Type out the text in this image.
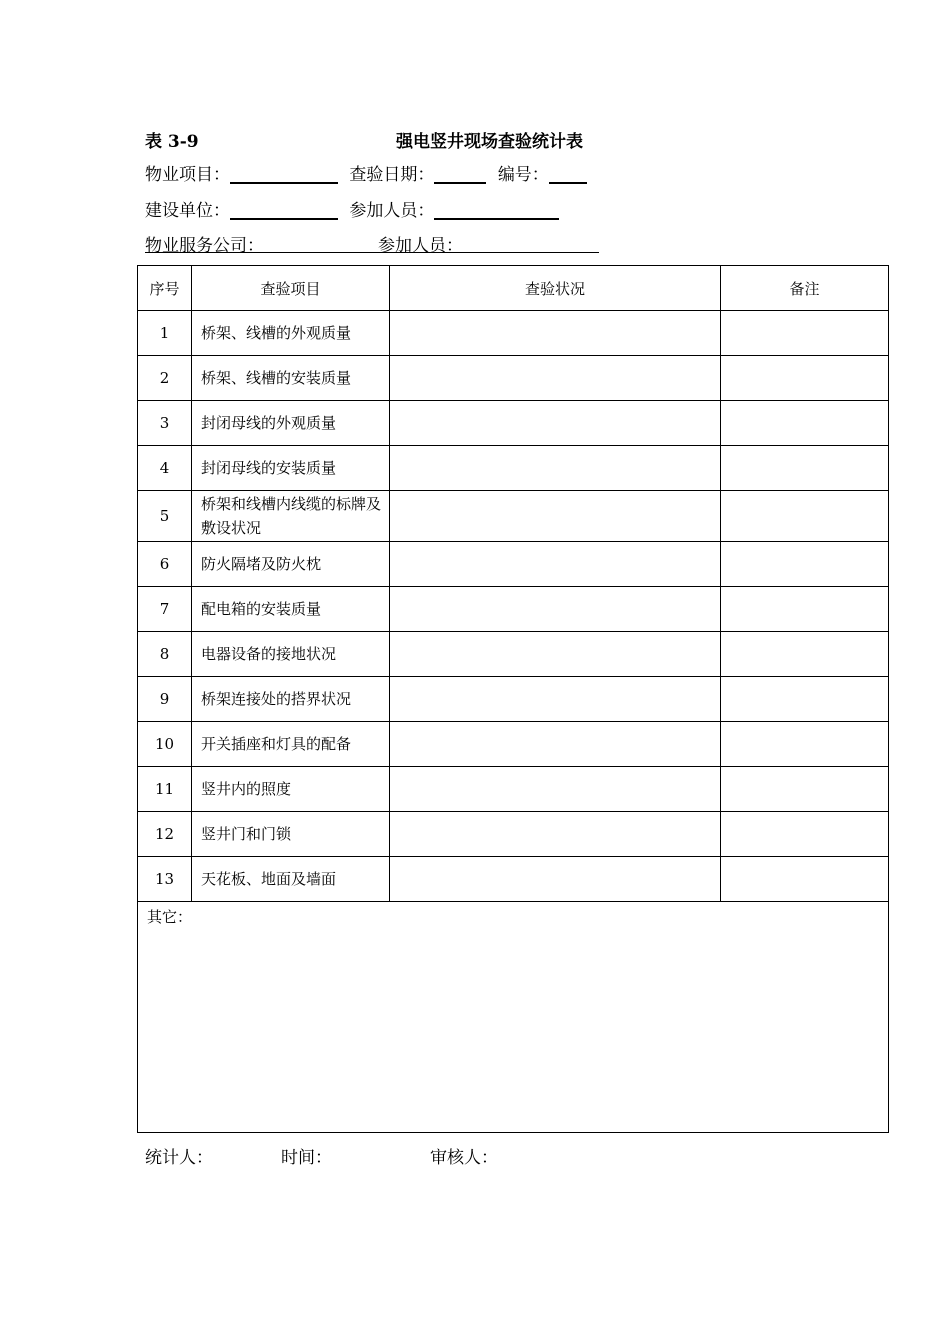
表 3-9	强电竖井现场查验统计表
物业项目：	查验日期：	编号：
建设单位：	参加人员：
物业服务公司：	参加人员：
序号	查验项目	查验状况	备注
1	桥架、线槽的外观质量		
2	桥架、线槽的安装质量		
3	封闭母线的外观质量		
4	封闭母线的安装质量		
5	桥架和线槽内线缆的标牌及敷设状况		
6	防火隔堵及防火枕		
7	配电箱的安装质量		
8	电器设备的接地状况		
9	桥架连接处的搭界状况		
10	开关插座和灯具的配备		
11	竖井内的照度		
12	竖井门和门锁		
13	天花板、地面及墙面		
其它：			
统计人：	时间：	审核人：
